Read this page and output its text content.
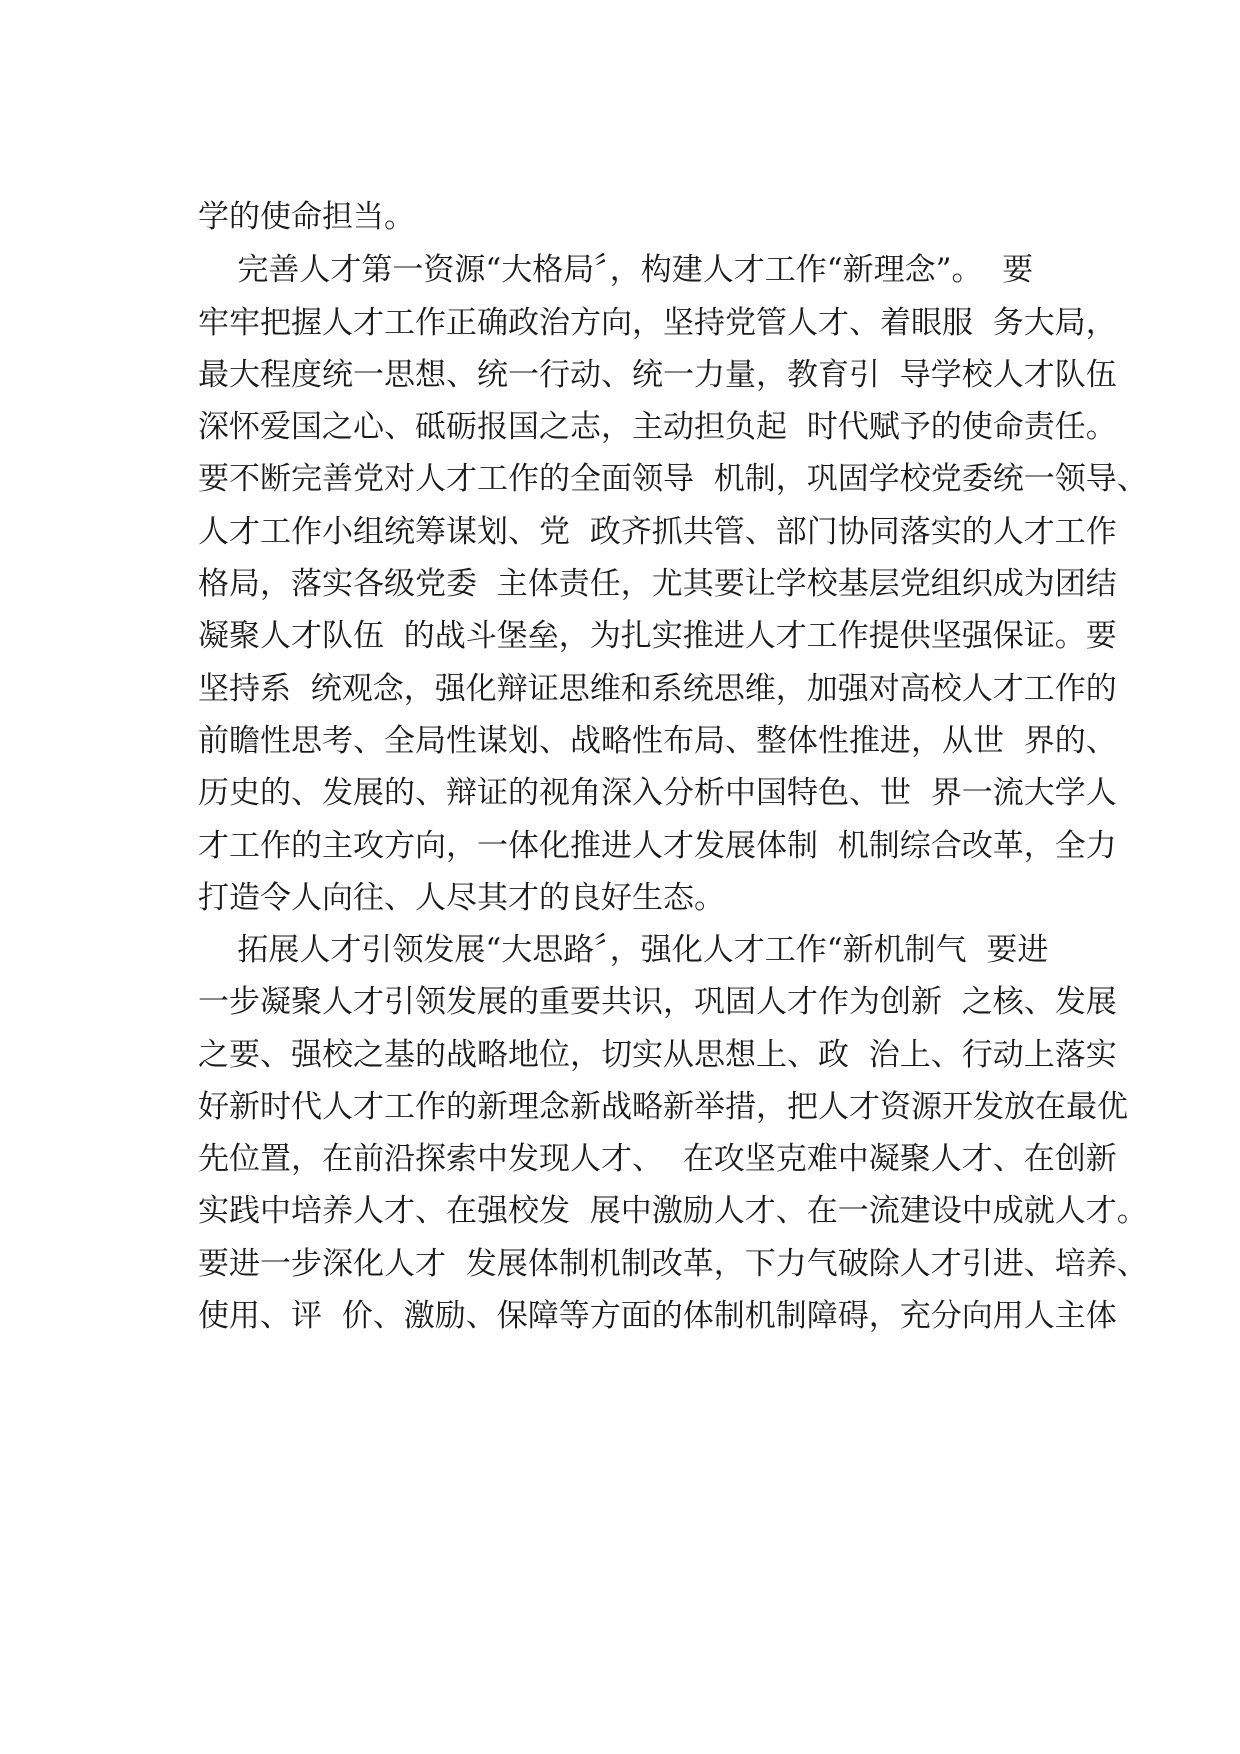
学的使命担当。

完善人才第一资源“大格局〞，构建人才工作“新理念”。  要

牢牢把握人才工作正确政治方向，坚持党管人才、着眼服  务大局，

最大程度统一思想、统一行动、统一力量，教育引  导学校人才队伍

深怀爱国之心、砥砺报国之志，主动担负起  时代赋予的使命责任。

要不断完善党对人才工作的全面领导  机制，巩固学校党委统一领导、

人才工作小组统筹谋划、党  政齐抓共管、部门协同落实的人才工作

格局，落实各级党委  主体责任，尤其要让学校基层党组织成为团结

凝聚人才队伍  的战斗堡垒，为扎实推进人才工作提供坚强保证。要

坚持系  统观念，强化辩证思维和系统思维，加强对高校人才工作的

前瞻性思考、全局性谋划、战略性布局、整体性推进，从世  界的、

历史的、发展的、辩证的视角深入分析中国特色、世  界一流大学人

才工作的主攻方向，一体化推进人才发展体制  机制综合改革，全力

打造令人向往、人尽其才的良好生态。

拓展人才引领发展“大思路〞，强化人才工作“新机制气  要进

一步凝聚人才引领发展的重要共识，巩固人才作为创新  之核、发展

之要、强校之基的战略地位，切实从思想上、政  治上、行动上落实

好新时代人才工作的新理念新战略新举措，把人才资源开发放在最优

先位置，在前沿探索中发现人才、  在攻坚克难中凝聚人才、在创新

实践中培养人才、在强校发  展中激励人才、在一流建设中成就人才。

要进一步深化人才  发展体制机制改革，下力气破除人才引进、培养、

使用、评  价、激励、保障等方面的体制机制障碍，充分向用人主体
